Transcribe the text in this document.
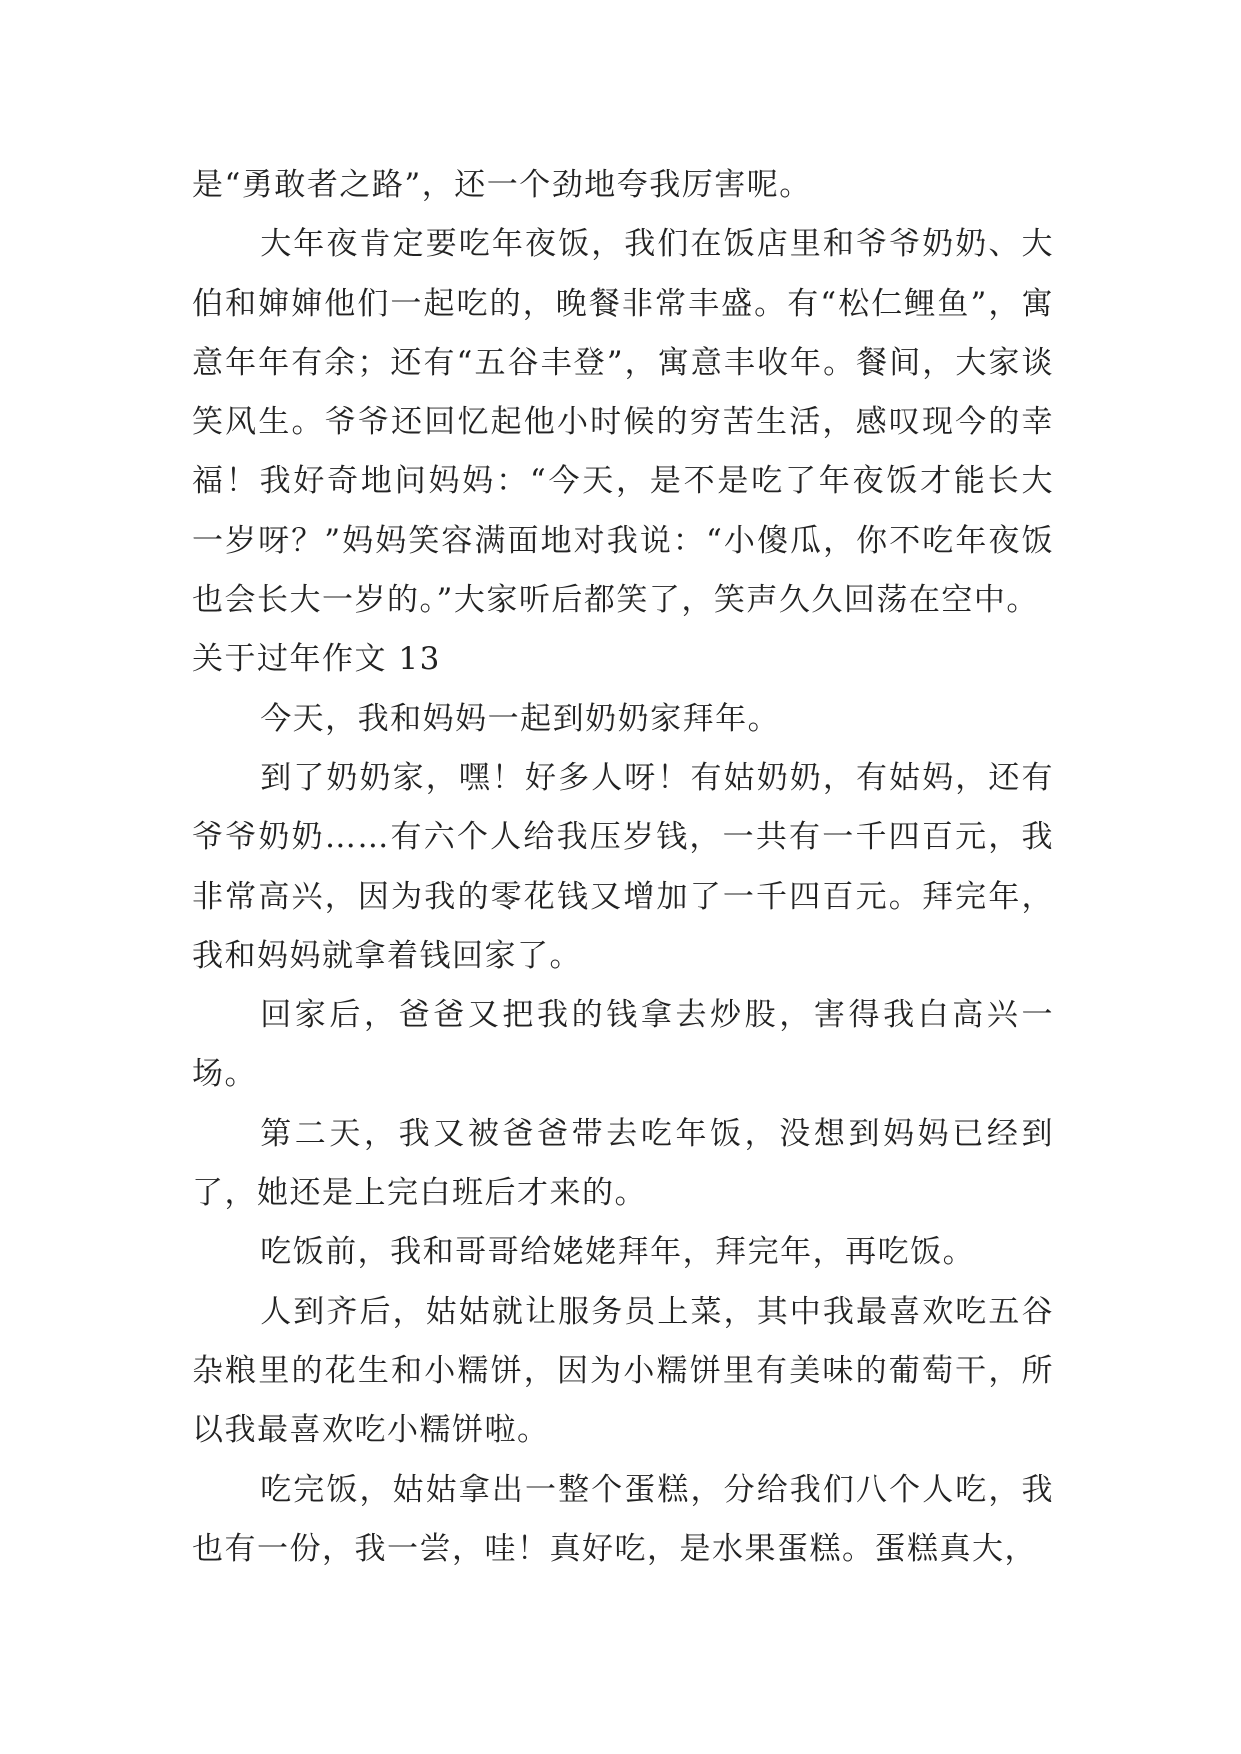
是“勇敢者之路”，还一个劲地夸我厉害呢。

大年夜肯定要吃年夜饭，我们在饭店里和爷爷奶奶、大伯和婶婶他们一起吃的，晚餐非常丰盛。有“松仁鲤鱼”，寓意年年有余；还有“五谷丰登”，寓意丰收年。餐间，大家谈笑风生。爷爷还回忆起他小时候的穷苦生活，感叹现今的幸福！我好奇地问妈妈：“今天，是不是吃了年夜饭才能长大一岁呀？”妈妈笑容满面地对我说：“小傻瓜，你不吃年夜饭也会长大一岁的。”大家听后都笑了，笑声久久回荡在空中。

关于过年作文 13

今天，我和妈妈一起到奶奶家拜年。

到了奶奶家，嘿！好多人呀！有姑奶奶，有姑妈，还有爷爷奶奶……有六个人给我压岁钱，一共有一千四百元，我非常高兴，因为我的零花钱又增加了一千四百元。拜完年，我和妈妈就拿着钱回家了。

回家后，爸爸又把我的钱拿去炒股，害得我白高兴一场。

第二天，我又被爸爸带去吃年饭，没想到妈妈已经到了，她还是上完白班后才来的。

吃饭前，我和哥哥给姥姥拜年，拜完年，再吃饭。

人到齐后，姑姑就让服务员上菜，其中我最喜欢吃五谷杂粮里的花生和小糯饼，因为小糯饼里有美味的葡萄干，所以我最喜欢吃小糯饼啦。

吃完饭，姑姑拿出一整个蛋糕，分给我们八个人吃，我也有一份，我一尝，哇！真好吃，是水果蛋糕。蛋糕真大，
